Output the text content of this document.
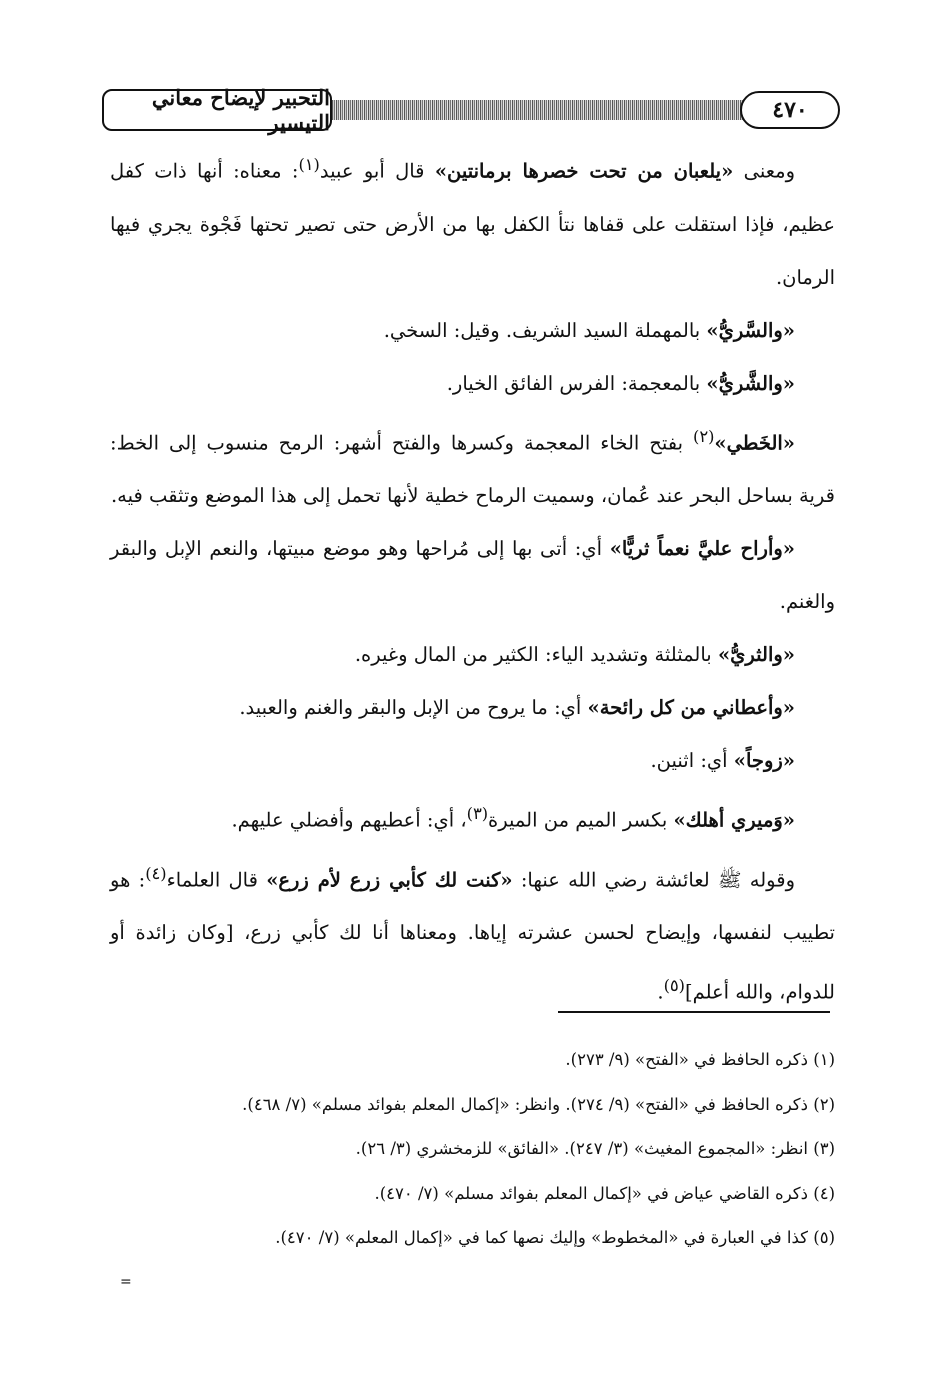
التحبير لإيضاح معاني التيسير	٤٧٠

ومعنى «يلعبان من تحت خصرها برمانتين» قال أبو عبيد$^{(١)}$: معناه: أنها ذات كفل عظيم، فإذا استقلت على قفاها نتأ الكفل بها من الأرض حتى تصير تحتها فَجْوة يجري فيها الرمان.

«والسَّريُّ» بالمهملة السيد الشريف. وقيل: السخي.

«والشَّريُّ» بالمعجمة: الفرس الفائق الخيار.

«الخَطي»$^{(٢)}$ بفتح الخاء المعجمة وكسرها والفتح أشهر: الرمح منسوب إلى الخط: قرية بساحل البحر عند عُمان، وسميت الرماح خطية لأنها تحمل إلى هذا الموضع وتثقب فيه.

«وأراح عليَّ نعماً ثريًّا» أي: أتى بها إلى مُراحها وهو موضع مبيتها، والنعم الإبل والبقر والغنم.

«والثريُّ» بالمثلثة وتشديد الياء: الكثير من المال وغيره.

«وأعطاني من كل رائحة» أي: ما يروح من الإبل والبقر والغنم والعبيد.

«زوجاً» أي: اثنين.

«وَميري أهلك» بكسر الميم من الميرة$^{(٣)}$، أي: أعطيهم وأفضلي عليهم.

وقوله ﷺ لعائشة رضي الله عنها: «كنت لك كأبي زرع لأم زرع» قال العلماء$^{(٤)}$: هو تطييب لنفسها، وإيضاح لحسن عشرته إياها. ومعناها أنا لك كأبي زرع، [وكان زائدة أو للدوام، والله أعلم]$^{(٥)}$.

(١) ذكره الحافظ في «الفتح» (٩/ ٢٧٣).
(٢) ذكره الحافظ في «الفتح» (٩/ ٢٧٤). وانظر: «إكمال المعلم بفوائد مسلم» (٧/ ٤٦٨).
(٣) انظر: «المجموع المغيث» (٣/ ٢٤٧). «الفائق» للزمخشري (٣/ ٢٦).
(٤) ذكره القاضي عياض في «إكمال المعلم بفوائد مسلم» (٧/ ٤٧٠).
(٥) كذا في العبارة في «المخطوط» وإليك نصها كما في «إكمال المعلم» (٧/ ٤٧٠).
=
